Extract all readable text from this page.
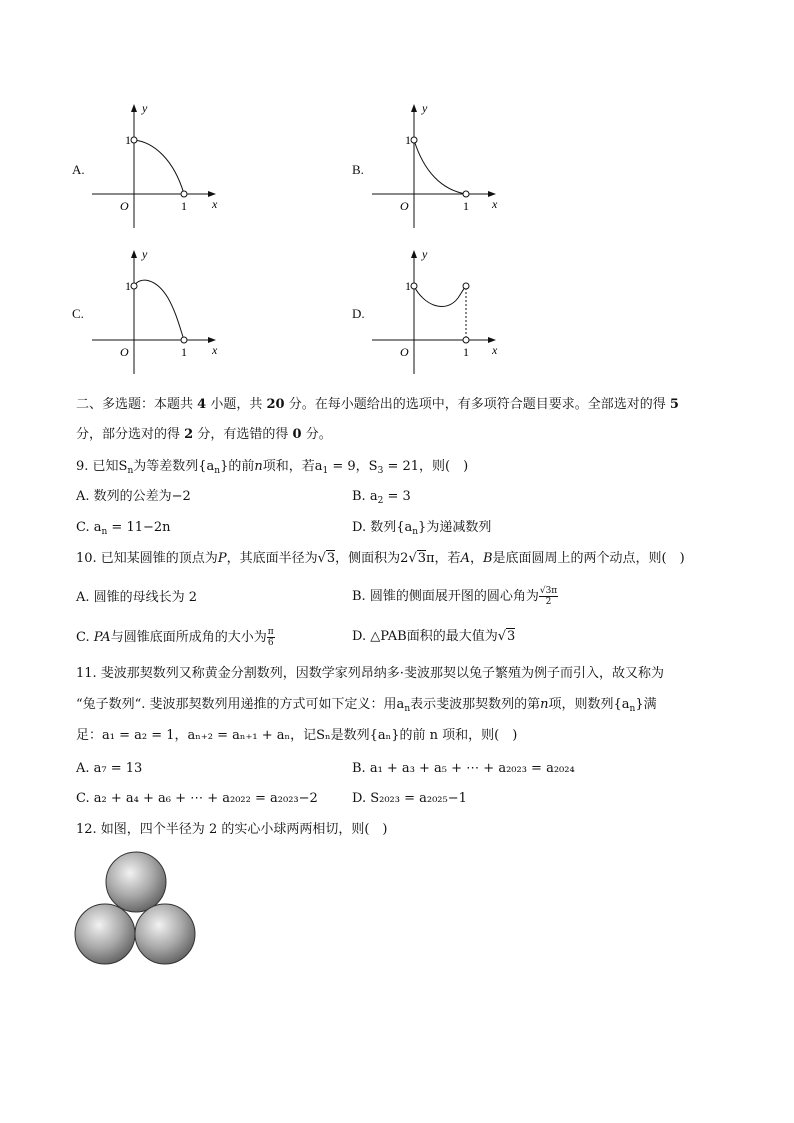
A.
y
x
O
1
1
B.
y
x
O
1
1
C.
y
x
O
1
1
D.
y
x
O
1
1
二、多选题：本题共 4 小题，共 20 分。在每小题给出的选项中，有多项符合题目要求。全部选对的得 5
分，部分选对的得 2 分，有选错的得 0 分。
9. 已知$S_n$为等差数列$\{a_n\}$的前n项和，若$a_1 = 9$，$S_3 = 21$，则(　)
A. 数列的公差为−2	B. $a_2 = 3$
C. $a_n = 11-2n$	D. 数列$\{a_n\}$为递减数列
10. 已知某圆锥的顶点为P，其底面半径为√3，侧面积为2√3π，若A，B是底面圆周上的两个动点，则(　)
A. 圆锥的母线长为 2	B. 圆锥的侧面展开图的圆心角为 $\frac{√3\pi}{2}$
C. PA与圆锥底面所成角的大小为 $\frac{\pi}{6}$	D. △PAB面积的最大值为√3
11. 斐波那契数列又称黄金分割数列，因数学家列昂纳多·斐波那契以兔子繁殖为例子而引入，故又称为
“兔子数列“. 斐波那契数列用递推的方式可如下定义：用$a_n$表示斐波那契数列的第n项，则数列$\{a_n\}$满
足：a₁ = a₂ = 1，aₙ₊₂ = aₙ₊₁ + aₙ，记Sₙ是数列{aₙ}的前 n 项和，则(　)
A. a₇ = 13	B. a₁ + a₃ + a₅ + ⋯ + a₂₀₂₃ = a₂₀₂₄
C. a₂ + a₄ + a₆ + ⋯ + a₂₀₂₂ = a₂₀₂₃−2	D. S₂₀₂₃ = a₂₀₂₅−1
12. 如图，四个半径为 2 的实心小球两两相切，则(　)
